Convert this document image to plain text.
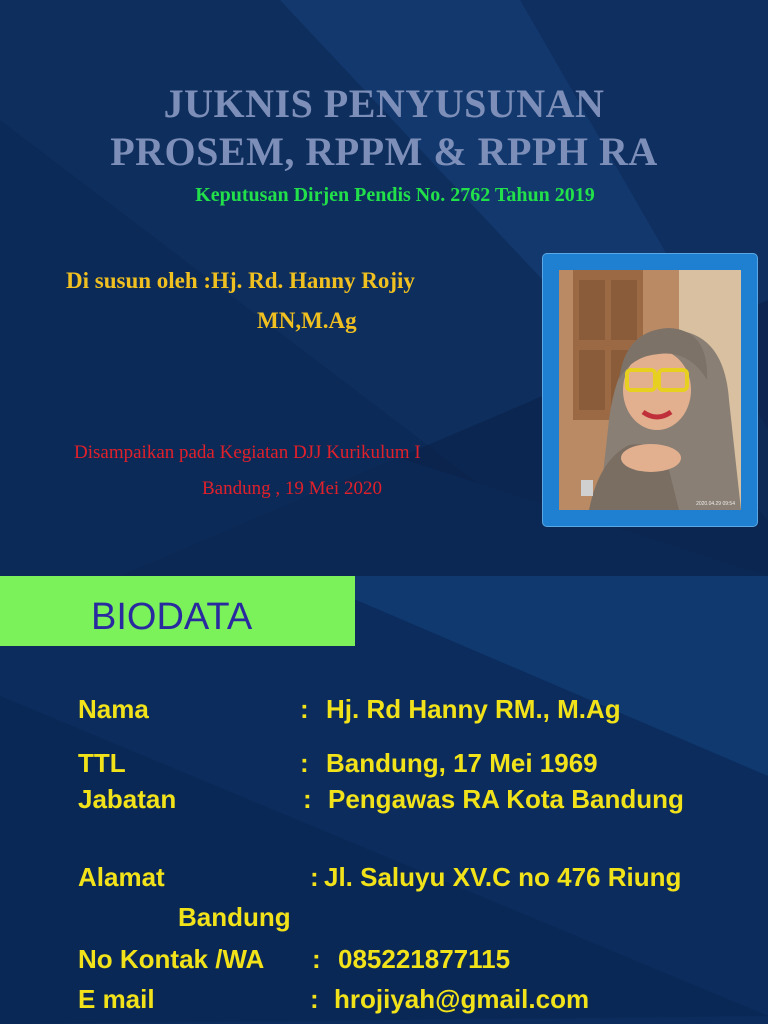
JUKNIS PENYUSUNAN
PROSEM, RPPM & RPPH RA
Keputusan Dirjen Pendis No. 2762 Tahun 2019
Di susun oleh :Hj. Rd. Hanny Rojiy
MN,M.Ag
Disampaikan pada Kegiatan DJJ Kurikulum I
Bandung , 19 Mei 2020
2020.04.29 09:54
BIODATA
Nama	: Hj. Rd Hanny RM., M.Ag
TTL	: Bandung, 17 Mei 1969
Jabatan	: Pengawas RA Kota Bandung
Alamat	: Jl. Saluyu XV.C no 476 Riung
Bandung
No Kontak /WA : 085221877115
E mail	: hrojiyah@gmail.com
